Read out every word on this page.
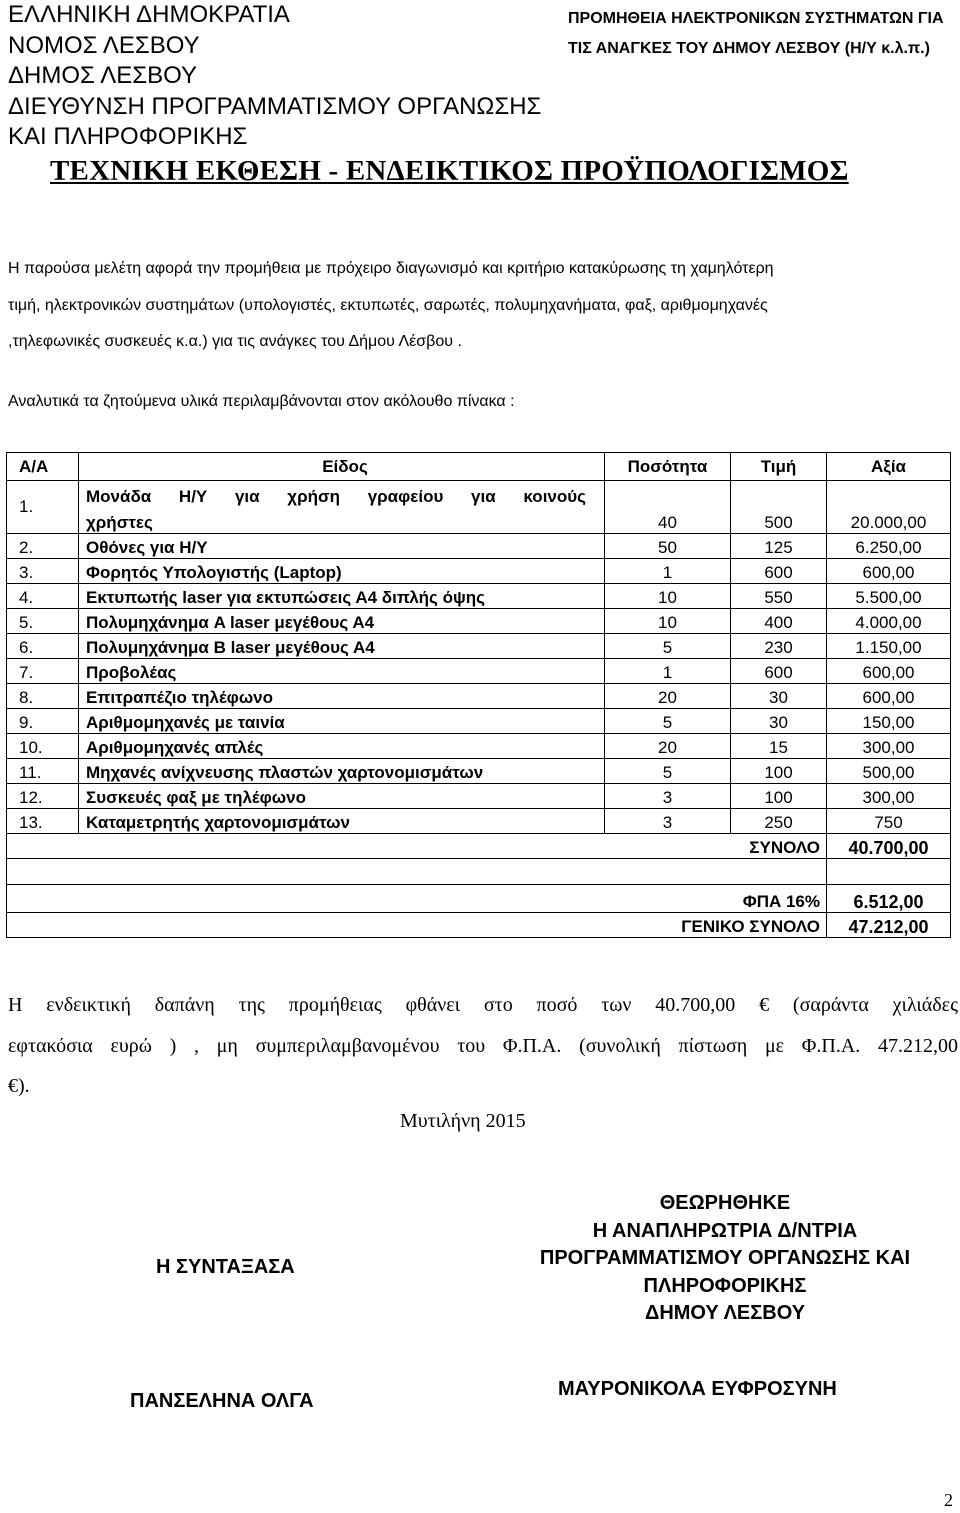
ΕΛΛΗΝΙΚΗ ΔΗΜΟΚΡΑΤΙΑ
ΝΟΜΟΣ ΛΕΣΒΟΥ
ΔΗΜΟΣ ΛΕΣΒΟΥ
ΔΙΕΥΘΥΝΣΗ ΠΡΟΓΡΑΜΜΑΤΙΣΜΟΥ ΟΡΓΑΝΩΣΗΣ
ΚΑΙ ΠΛΗΡΟΦΟΡΙΚΗΣ
ΠΡΟΜΗΘΕΙΑ ΗΛΕΚΤΡΟΝΙΚΩΝ ΣΥΣΤΗΜΑΤΩΝ ΓΙΑ
ΤΙΣ ΑΝΑΓΚΕΣ ΤΟΥ ΔΗΜΟΥ ΛΕΣΒΟΥ (Η/Υ κ.λ.π.)
ΤΕΧΝΙΚΗ ΕΚΘΕΣΗ - ΕΝΔΕΙΚΤΙΚΟΣ ΠΡΟΫΠΟΛΟΓΙΣΜΟΣ
Η παρούσα μελέτη αφορά την προμήθεια με πρόχειρο διαγωνισμό και κριτήριο κατακύρωσης τη χαμηλότερη
τιμή, ηλεκτρονικών συστημάτων (υπολογιστές, εκτυπωτές, σαρωτές, πολυμηχανήματα, φαξ, αριθμομηχανές
,τηλεφωνικές συσκευές κ.α.) για τις ανάγκες του Δήμου Λέσβου .
Αναλυτικά τα ζητούμενα υλικά περιλαμβάνονται στον ακόλουθο πίνακα :
Α/Α	Είδος	Ποσότητα	Τιμή	Αξία
1.	Μονάδα Η/Υ για χρήση γραφείου για κοινούς
χρήστες	40	500	20.000,00
2.	Οθόνες για Η/Υ	50	125	6.250,00
3.	Φορητός Υπολογιστής (Laptop)	1	600	600,00
4.	Εκτυπωτής laser για εκτυπώσεις Α4 διπλής όψης	10	550	5.500,00
5.	Πολυμηχάνημα A laser μεγέθους Α4	10	400	4.000,00
6.	Πολυμηχάνημα B laser μεγέθους Α4	5	230	1.150,00
7.	Προβολέας	1	600	600,00
8.	Επιτραπέζιο τηλέφωνο	20	30	600,00
9.	Αριθμομηχανές με ταινία	5	30	150,00
10.	Αριθμομηχανές απλές	20	15	300,00
11.	Μηχανές ανίχνευσης πλαστών χαρτονομισμάτων	5	100	500,00
12.	Συσκευές φαξ με τηλέφωνο	3	100	300,00
13.	Καταμετρητής χαρτονομισμάτων	3	250	750
ΣΥΝΟΛΟ				40.700,00

ΦΠΑ 16%				6.512,00
ΓΕΝΙΚΟ ΣΥΝΟΛΟ				47.212,00
Η ενδεικτική δαπάνη της προμήθειας φθάνει στο ποσό των 40.700,00 € (σαράντα χιλιάδες
εφτακόσια ευρώ ) , μη συμπεριλαμβανομένου του Φ.Π.Α. (συνολική πίστωση με Φ.Π.Α. 47.212,00
€).
Μυτιλήνη 2015
Η ΣΥΝΤΑΞΑΣΑ
ΘΕΩΡΗΘΗΚΕ
Η ΑΝΑΠΛΗΡΩΤΡΙΑ Δ/ΝΤΡΙΑ
ΠΡΟΓΡΑΜΜΑΤΙΣΜΟΥ ΟΡΓΑΝΩΣΗΣ ΚΑΙ
ΠΛΗΡΟΦΟΡΙΚΗΣ
ΔΗΜΟΥ ΛΕΣΒΟΥ
ΠΑΝΣΕΛΗΝΑ ΟΛΓΑ
ΜΑΥΡΟΝΙΚΟΛΑ ΕΥΦΡΟΣΥΝΗ
2
